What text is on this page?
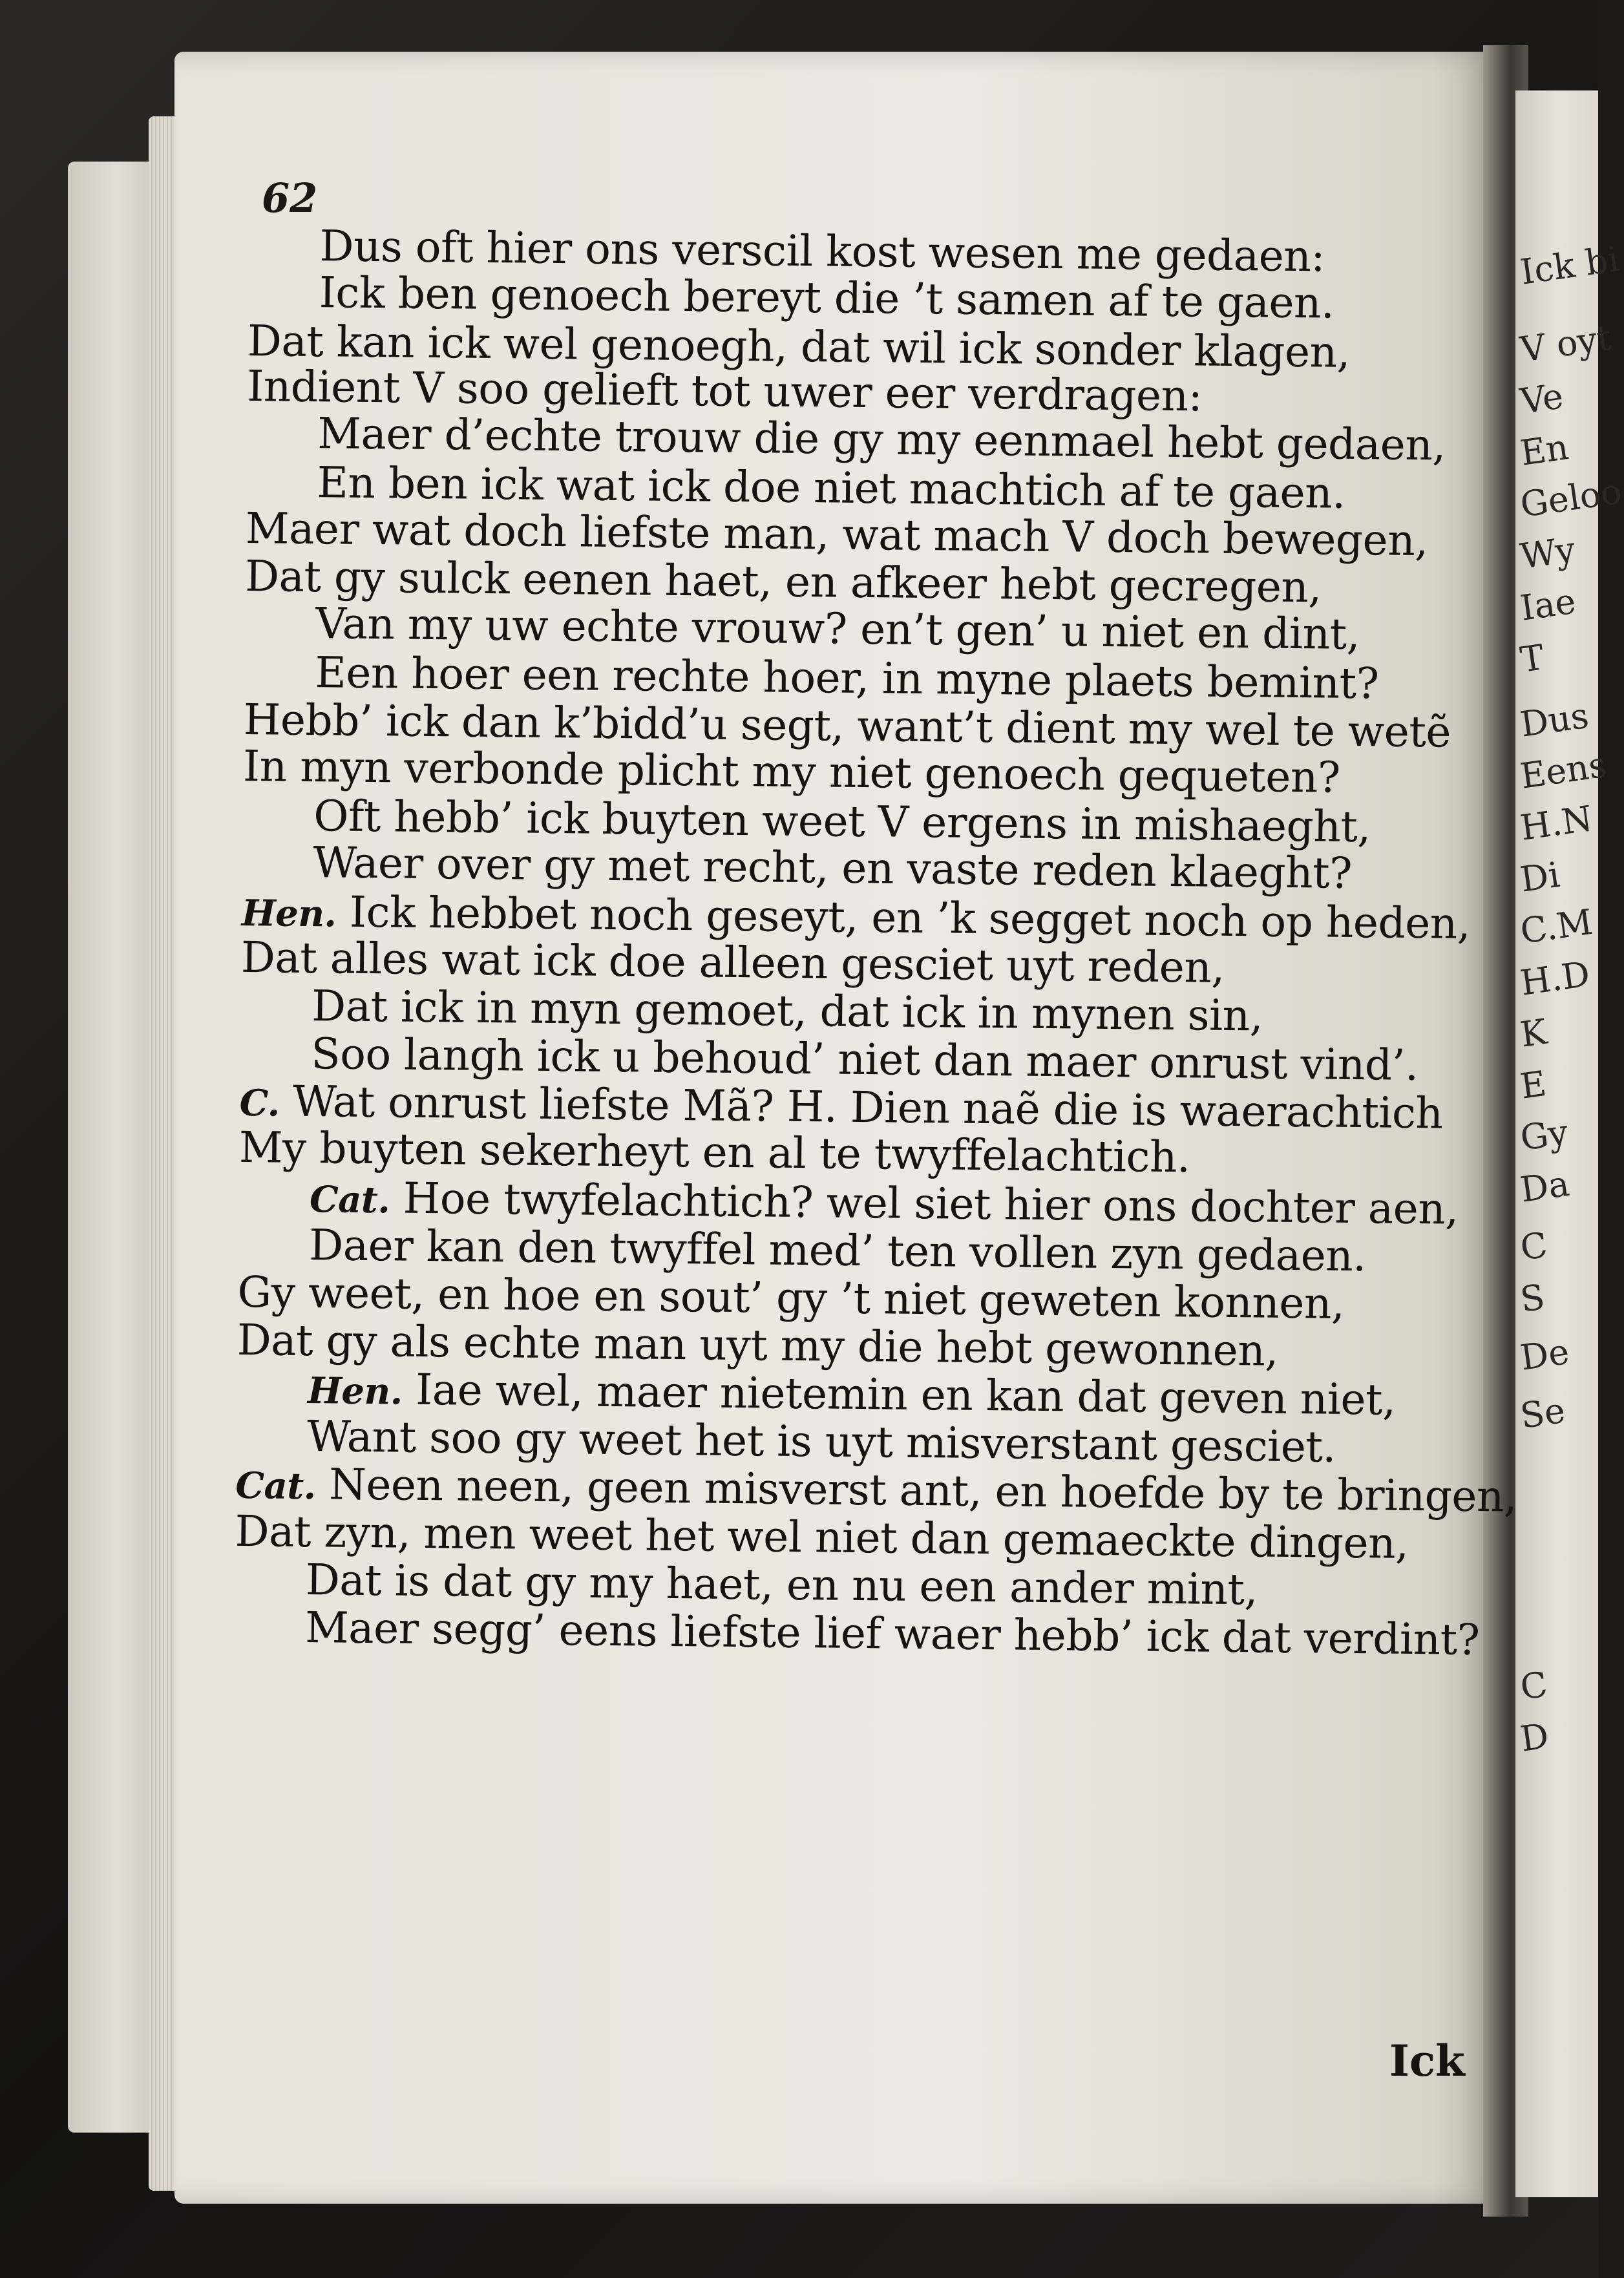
Ick bi
V oyt
Ve
En
Geloo
Wy
Iae
T
Dus
Eens
H.N
Di
C.M
H.D
K
E
Gy
Da
C
S
De
Se
C
D
62
Dus oft hier ons verscil kost wesen me gedaen:
Ick ben genoech bereyt die ’t samen af te gaen.
Dat kan ick wel genoegh, dat wil ick sonder klagen,
Indient V soo gelieft tot uwer eer verdragen:
Maer d’echte trouw die gy my eenmael hebt gedaen,
En ben ick wat ick doe niet machtich af te gaen.
Maer wat doch liefste man, wat mach V doch bewegen,
Dat gy sulck eenen haet, en afkeer hebt gecregen,
Van my uw echte vrouw? en’t gen’ u niet en dint,
Een hoer een rechte hoer, in myne plaets bemint?
Hebb’ ick dan k’bidd’u segt, want’t dient my wel te wetẽ
In myn verbonde plicht my niet genoech gequeten?
Oft hebb’ ick buyten weet V ergens in mishaeght,
Waer over gy met recht, en vaste reden klaeght?
Hen. Ick hebbet noch geseyt, en ’k segget noch op heden,
Dat alles wat ick doe alleen gesciet uyt reden,
Dat ick in myn gemoet, dat ick in mynen sin,
Soo langh ick u behoud’ niet dan maer onrust vind’.
C. Wat onrust liefste Mã? H. Dien naẽ die is waerachtich
My buyten sekerheyt en al te twyffelachtich.
Cat. Hoe twyfelachtich? wel siet hier ons dochter aen,
Daer kan den twyffel med’ ten vollen zyn gedaen.
Gy weet, en hoe en sout’ gy ’t niet geweten konnen,
Dat gy als echte man uyt my die hebt gewonnen,
Hen. Iae wel, maer nietemin en kan dat geven niet,
Want soo gy weet het is uyt misverstant gesciet.
Cat. Neen neen, geen misverst ant, en hoefde by te bringen,
Dat zyn, men weet het wel niet dan gemaeckte dingen,
Dat is dat gy my haet, en nu een ander mint,
Maer segg’ eens liefste lief waer hebb’ ick dat verdint?
Ick
